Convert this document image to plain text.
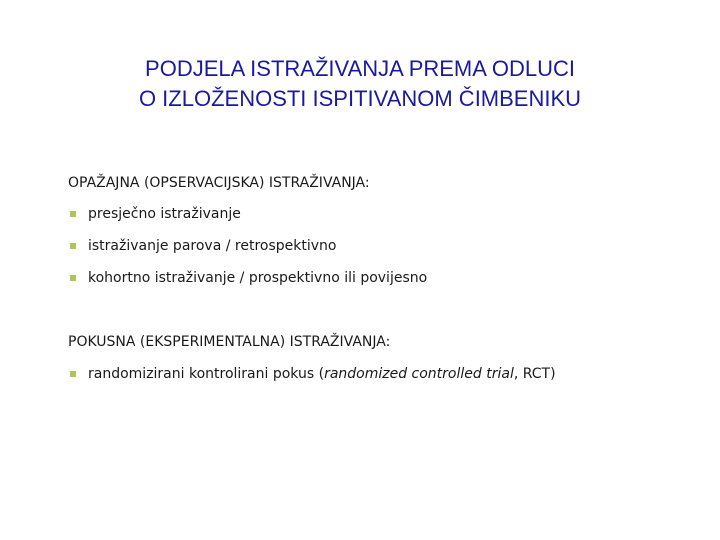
PODJELA ISTRAŽIVANJA PREMA ODLUCI
O IZLOŽENOSTI ISPITIVANOM ČIMBENIKU
OPAŽAJNA (OPSERVACIJSKA) ISTRAŽIVANJA:
presječno istraživanje
istraživanje parova / retrospektivno
kohortno istraživanje / prospektivno ili povijesno
POKUSNA (EKSPERIMENTALNA) ISTRAŽIVANJA:
randomizirani kontrolirani pokus (randomized controlled trial, RCT)
